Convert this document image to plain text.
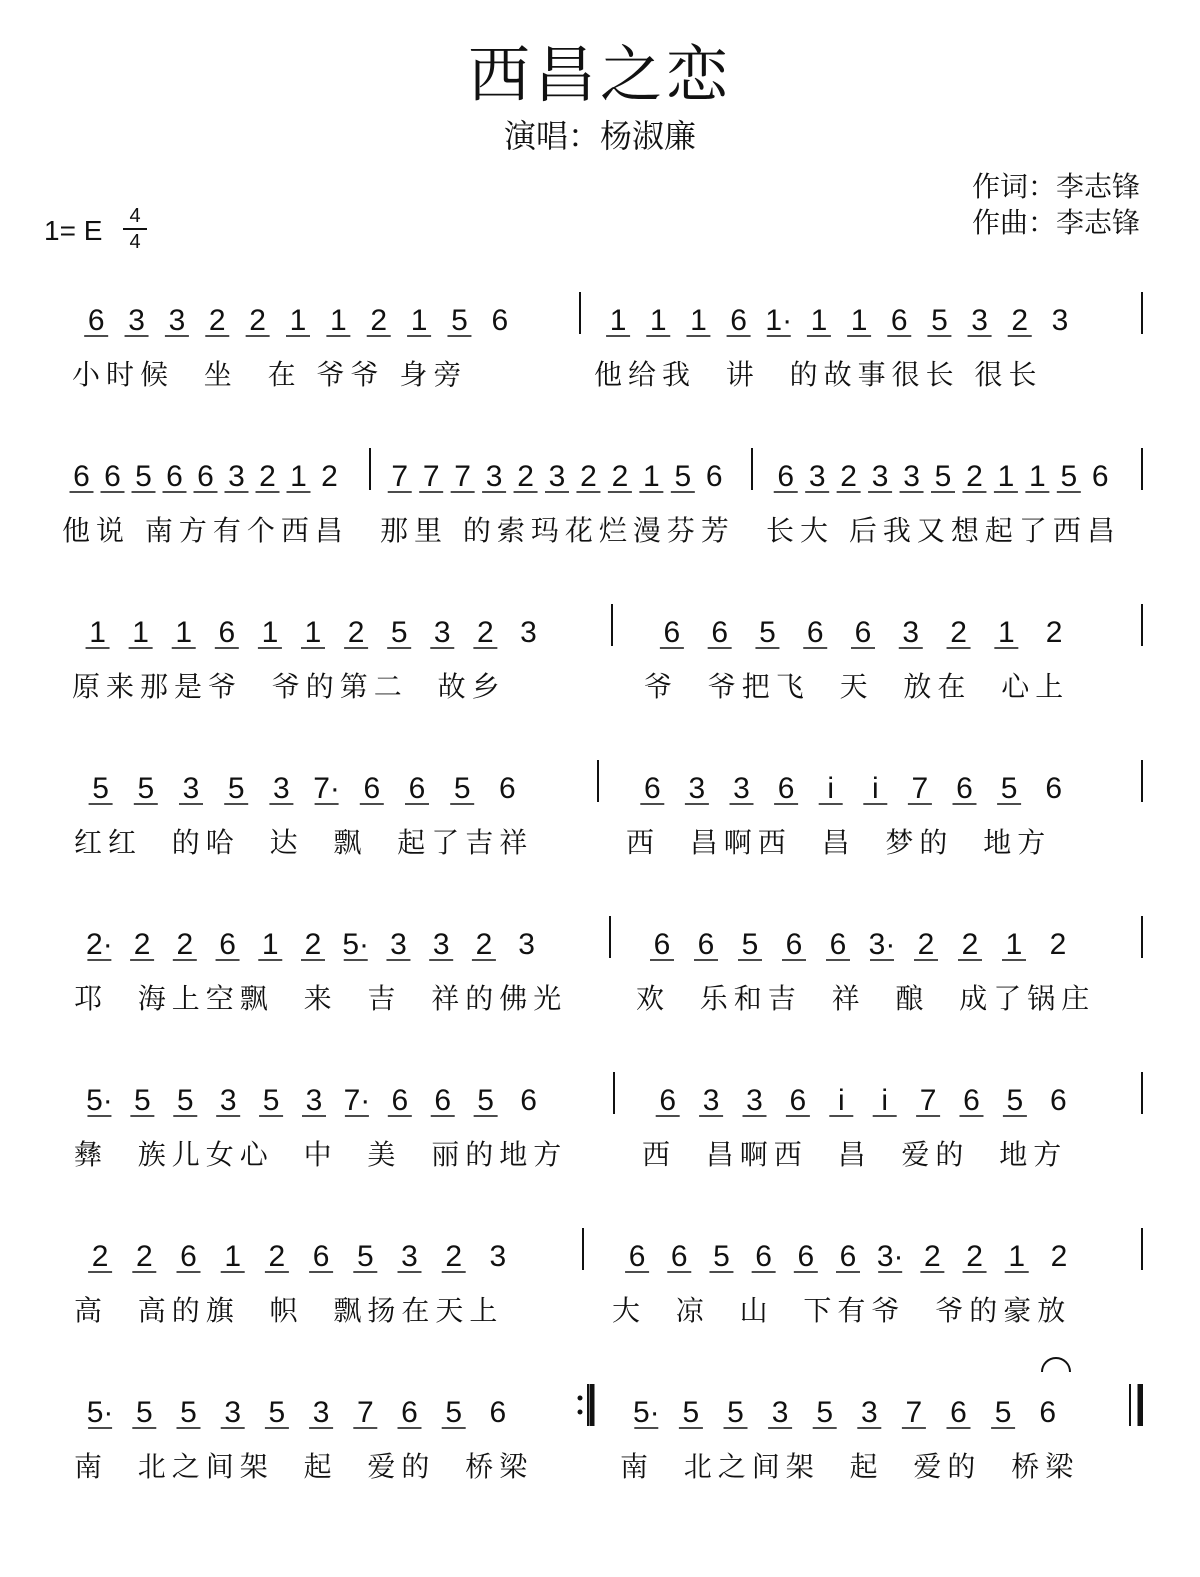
西昌之恋
演唱：杨淑廉
作词：李志锋
作曲：李志锋
1= E	4
4
6 3 3 2 2 1 1 2 1 5 6	1 1 1 6 1· 1 1 6 5 3 2 3
6 6 5 6 6 3 2 1 2 7 7 7 3 2 3 2 2 1 5 6 6 3 2 3 3 5 2 1 1 5 6
1 1 1 6 1 1 2 5 3 2 3	6 6 5 6 6 3 2 1 2
5 5 3 5 3 7· 6 6 5 6	6 3 3 6 i i 7 6 5 6
2· 2 2 6 1 2 5· 3 3 2 3	6 6 5 6 6 3· 2 2 1 2
5· 5 5 3 5 3 7· 6 6 5 6	6 3 3 6 i i 7 6 5 6
2 2 6 1 2 6 5 3 2 3	6 6 5 6 6 6 3· 2 2 1 2
5· 5 5 3 5 3 7 6 5 6	5· 5 5 3 5 3 7 6 5 6
小时候  坐  在 爷爷 身旁	他给我  讲  的故事很长 很长
他说 南方有个西昌	那里 的索玛花烂漫芬芳	长大 后我又想起了西昌
原来那是爷  爷的第二  故乡	爷  爷把飞  天  放在  心上
红红  的哈  达  飘  起了吉祥	西  昌啊西  昌  梦的  地方
邛  海上空飘  来  吉  祥的佛光 欢  乐和吉  祥  酿  成了锅庄
彝  族儿女心  中  美  丽的地方	西  昌啊西  昌  爱的  地方
高  高的旗  帜  飘扬在天上	大  凉  山  下有爷  爷的豪放
南  北之间架  起  爱的  桥梁	南  北之间架  起  爱的  桥梁
